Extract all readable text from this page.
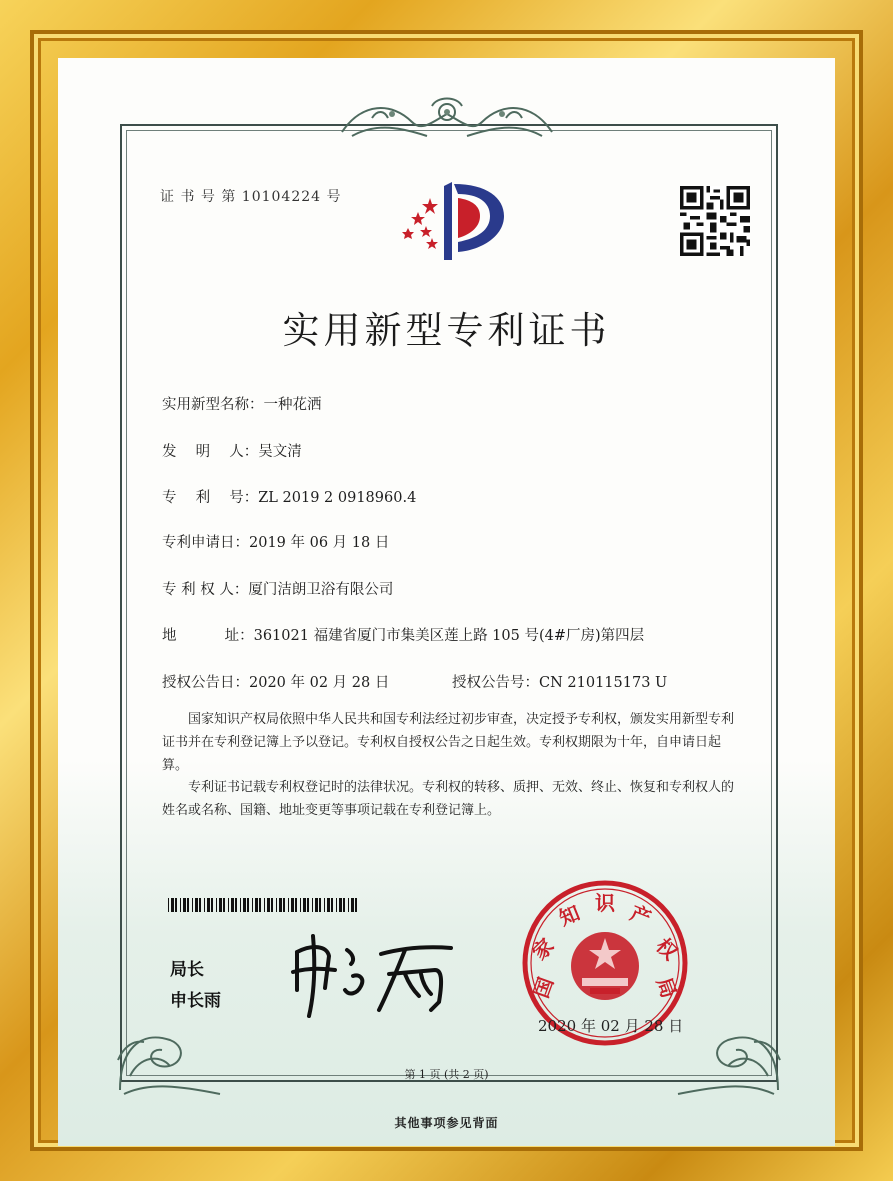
证 书 号 第 10104224 号
实用新型专利证书
实用新型名称：一种花洒
发　 明　 人：吴文清
专　 利　 号：ZL 2019 2 0918960.4
专利申请日：2019 年 06 月 18 日
专 利 权 人：厦门洁朗卫浴有限公司
地　　　 址：361021 福建省厦门市集美区莲上路 105 号(4#厂房)第四层
授权公告日：2020 年 02 月 28 日	授权公告号：CN 210115173 U
国家知识产权局依照中华人民共和国专利法经过初步审查，决定授予专利权，颁发实用新型专利证书并在专利登记簿上予以登记。专利权自授权公告之日起生效。专利权期限为十年，自申请日起算。
专利证书记载专利权登记时的法律状况。专利权的转移、质押、无效、终止、恢复和专利权人的姓名或名称、国籍、地址变更等事项记载在专利登记簿上。
局长
申长雨	国
家
知 识 产
权
局
2020 年 02 月 28 日
第 1 页 (共 2 页)
其他事项参见背面
